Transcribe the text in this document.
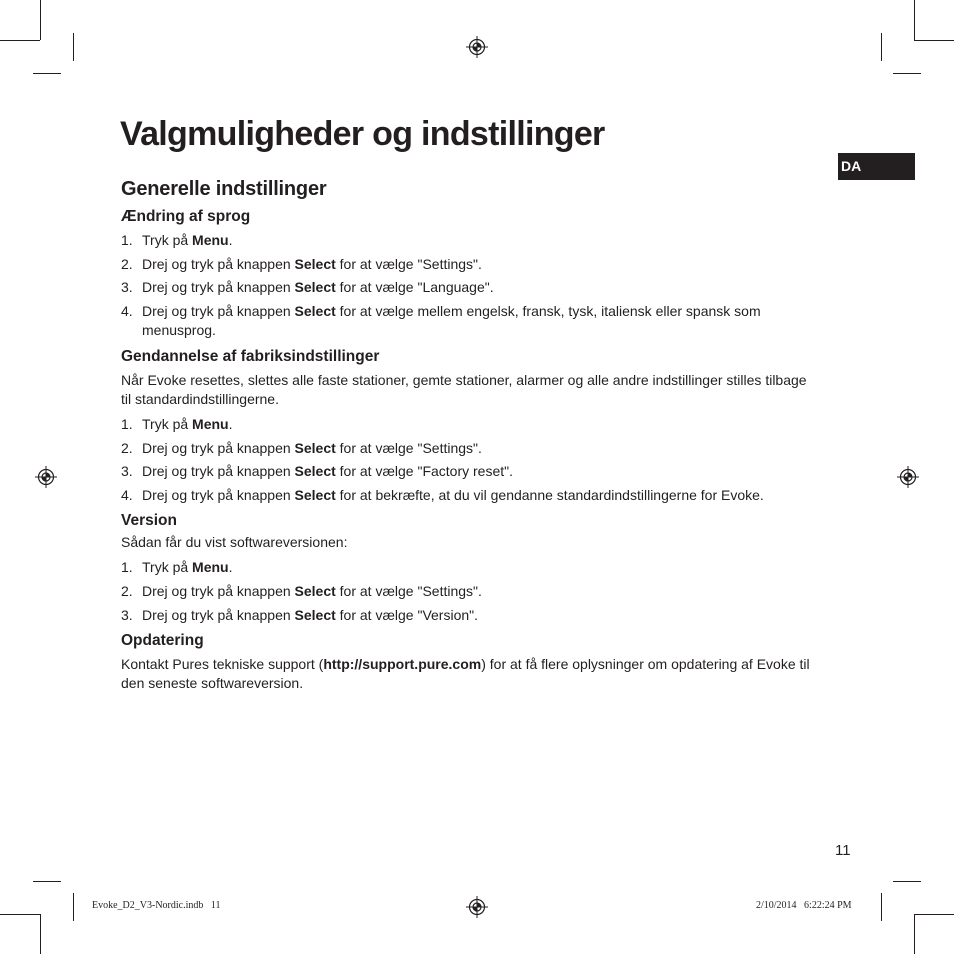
Valgmuligheder og indstillinger
DA
Generelle indstillinger
Ændring af sprog
1. Tryk på Menu.
2. Drej og tryk på knappen Select for at vælge "Settings".
3. Drej og tryk på knappen Select for at vælge "Language".
4. Drej og tryk på knappen Select for at vælge mellem engelsk, fransk, tysk, italiensk eller spansk som menusprog.
Gendannelse af fabriksindstillinger

Når Evoke resettes, slettes alle faste stationer, gemte stationer, alarmer og alle andre indstillinger stilles tilbage til standardindstillingerne.

1. Tryk på Menu.
2. Drej og tryk på knappen Select for at vælge "Settings".
3. Drej og tryk på knappen Select for at vælge "Factory reset".
4. Drej og tryk på knappen Select for at bekræfte, at du vil gendanne standardindstillingerne for Evoke.
Version

Sådan får du vist softwareversionen:

1. Tryk på Menu.
2. Drej og tryk på knappen Select for at vælge "Settings".
3. Drej og tryk på knappen Select for at vælge "Version".
Opdatering

Kontakt Pures tekniske support (http://support.pure.com) for at få flere oplysninger om opdatering af Evoke til den seneste softwareversion.

11
Evoke_D2_V3-Nordic.indb   11	2/10/2014   6:22:24 PM
